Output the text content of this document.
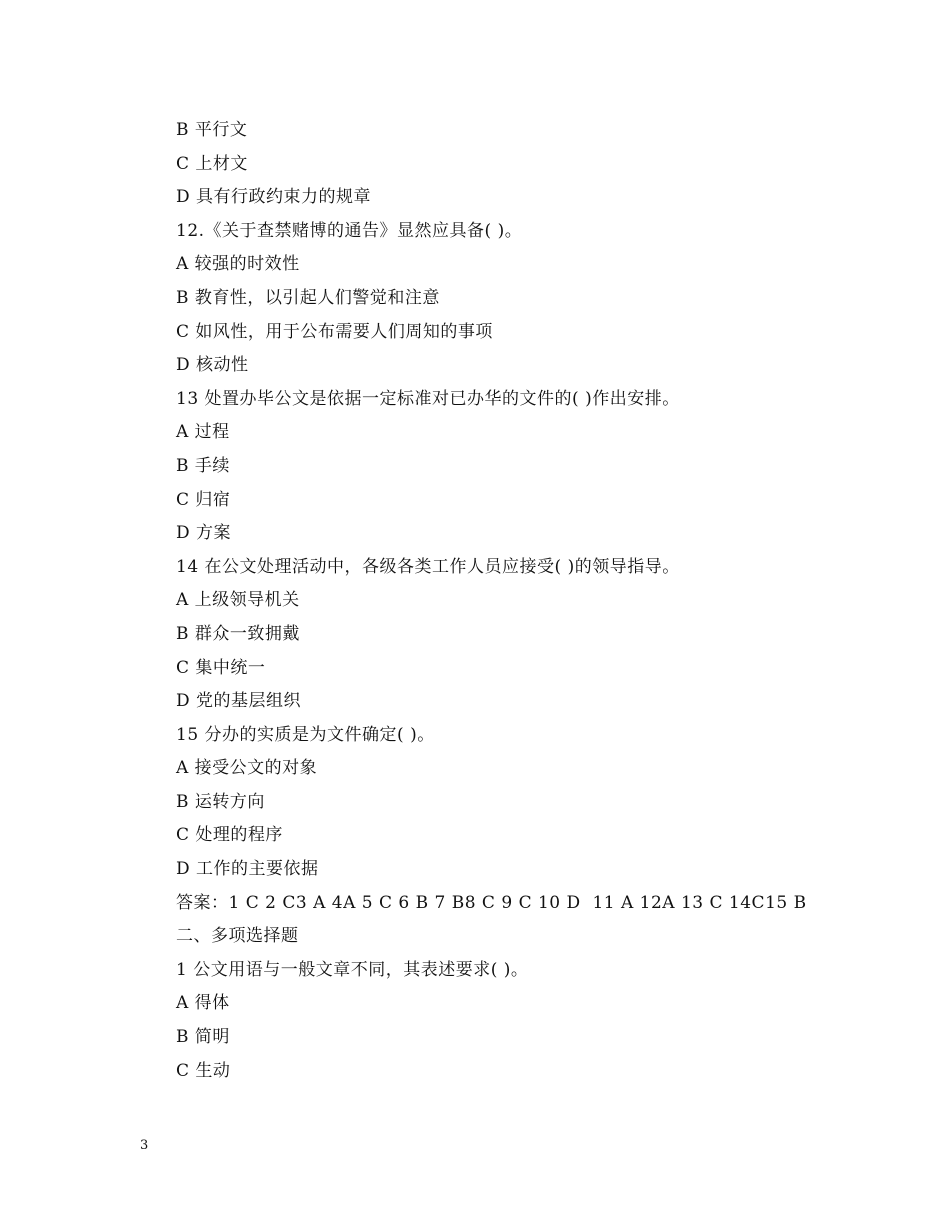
B 平行文
C 上材文
D 具有行政约束力的规章
12.《关于查禁赌博的通告》显然应具备( )。
A 较强的时效性
B 教育性，以引起人们警觉和注意
C 如风性，用于公布需要人们周知的事项
D 核动性
13 处置办毕公文是依据一定标准对已办华的文件的( )作出安排。
A 过程
B 手续
C 归宿
D 方案
14 在公文处理活动中，各级各类工作人员应接受( )的领导指导。
A 上级领导机关
B 群众一致拥戴
C 集中统一
D 党的基层组织
15 分办的实质是为文件确定( )。
A 接受公文的对象
B 运转方向
C 处理的程序
D 工作的主要依据
答案：1 C 2 C3 A 4A 5 C 6 B 7 B8 C 9 C 10 D  11 A 12A 13 C 14C15 B
二、多项选择题
1 公文用语与一般文章不同，其表述要求( )。
A 得体
B 简明
C 生动
3
